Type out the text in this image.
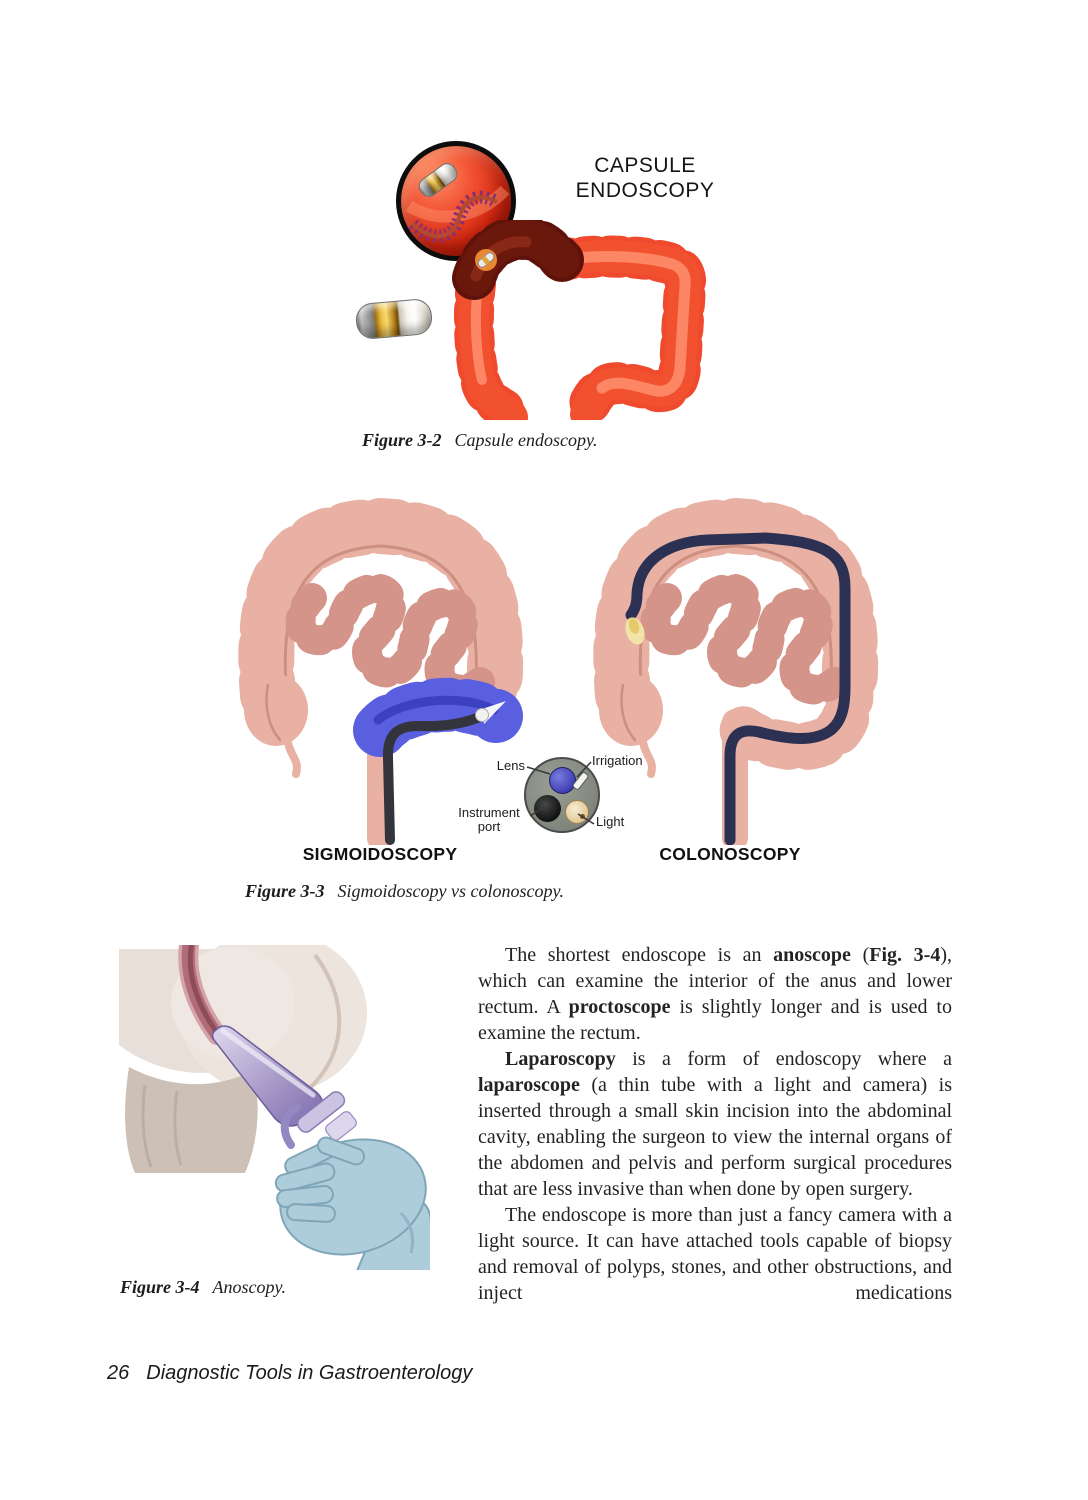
CAPSULE
ENDOSCOPY
Figure 3-2 Capsule endoscopy.
Lens	Irrigation
Instrument
port	Light
SIGMOIDOSCOPY	COLONOSCOPY
Figure 3-3 Sigmoidoscopy vs colonoscopy.

The shortest endoscope is an anoscope (Fig. 3-4), which can examine the interior of the anus and lower rectum. A proctoscope is slightly longer and is used to examine the rectum.

Laparoscopy is a form of endoscopy where a laparoscope (a thin tube with a light and camera) is inserted through a small skin incision into the abdominal cavity, enabling the surgeon to view the internal organs of the abdomen and pelvis and perform surgical procedures that are less invasive than when done by open surgery.

The endoscope is more than just a fancy camera with a light source. It can have attached tools capable of biopsy and removal of polyps, stones, and other obstructions, and inject medications

Figure 3-4 Anoscopy.
26 Diagnostic Tools in Gastroenterology
